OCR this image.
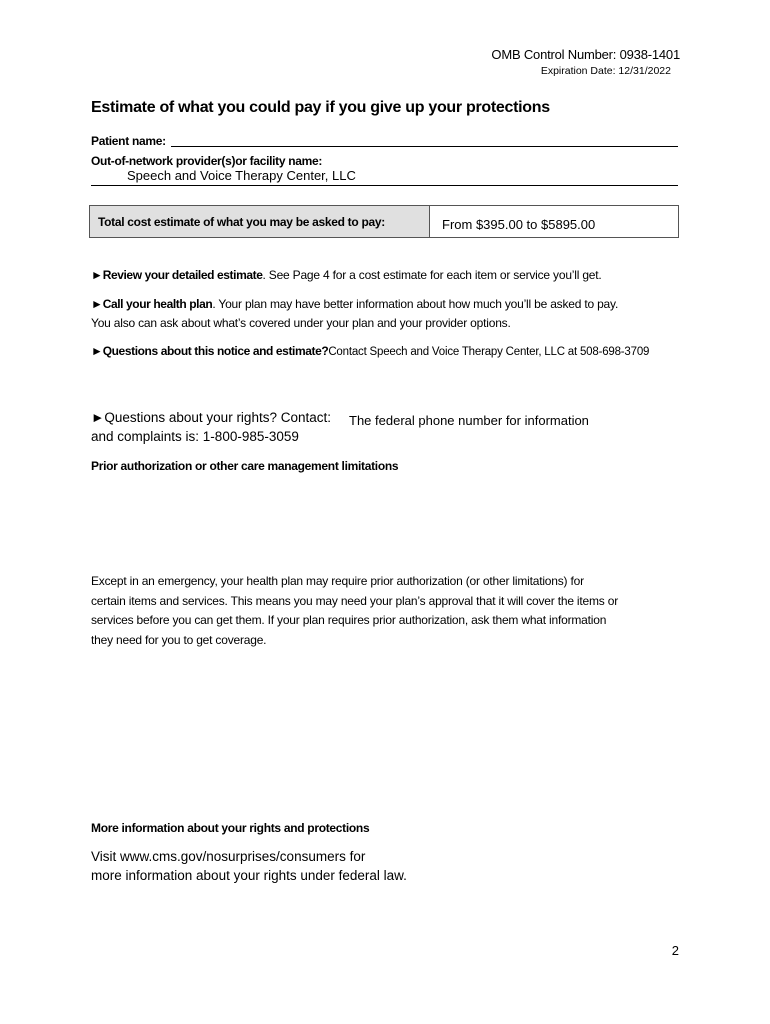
OMB Control Number: 0938-1401
Expiration Date: 12/31/2022
Estimate of what you could pay if you give up your protections
Patient name:
Out-of-network provider(s)or facility name:
Speech and Voice Therapy Center, LLC
Total cost estimate of what you may be asked to pay:	From $395.00 to $5895.00
►Review your detailed estimate. See Page 4 for a cost estimate for each item or service you’ll get.
►Call your health plan. Your plan may have better information about how much you’ll be asked to pay.
You also can ask about what’s covered under your plan and your provider options.
►Questions about this notice and estimate?Contact Speech and Voice Therapy Center, LLC at 508-698-3709
►Questions about your rights? Contact: The federal phone number for information
and complaints is: 1-800-985-3059
Prior authorization or other care management limitations
Except in an emergency, your health plan may require prior authorization (or other limitations) for
certain items and services. This means you may need your plan’s approval that it will cover the items or
services before you can get them. If your plan requires prior authorization, ask them what information
they need for you to get coverage.
More information about your rights and protections
Visit www.cms.gov/nosurprises/consumers for
more information about your rights under federal law.
2
